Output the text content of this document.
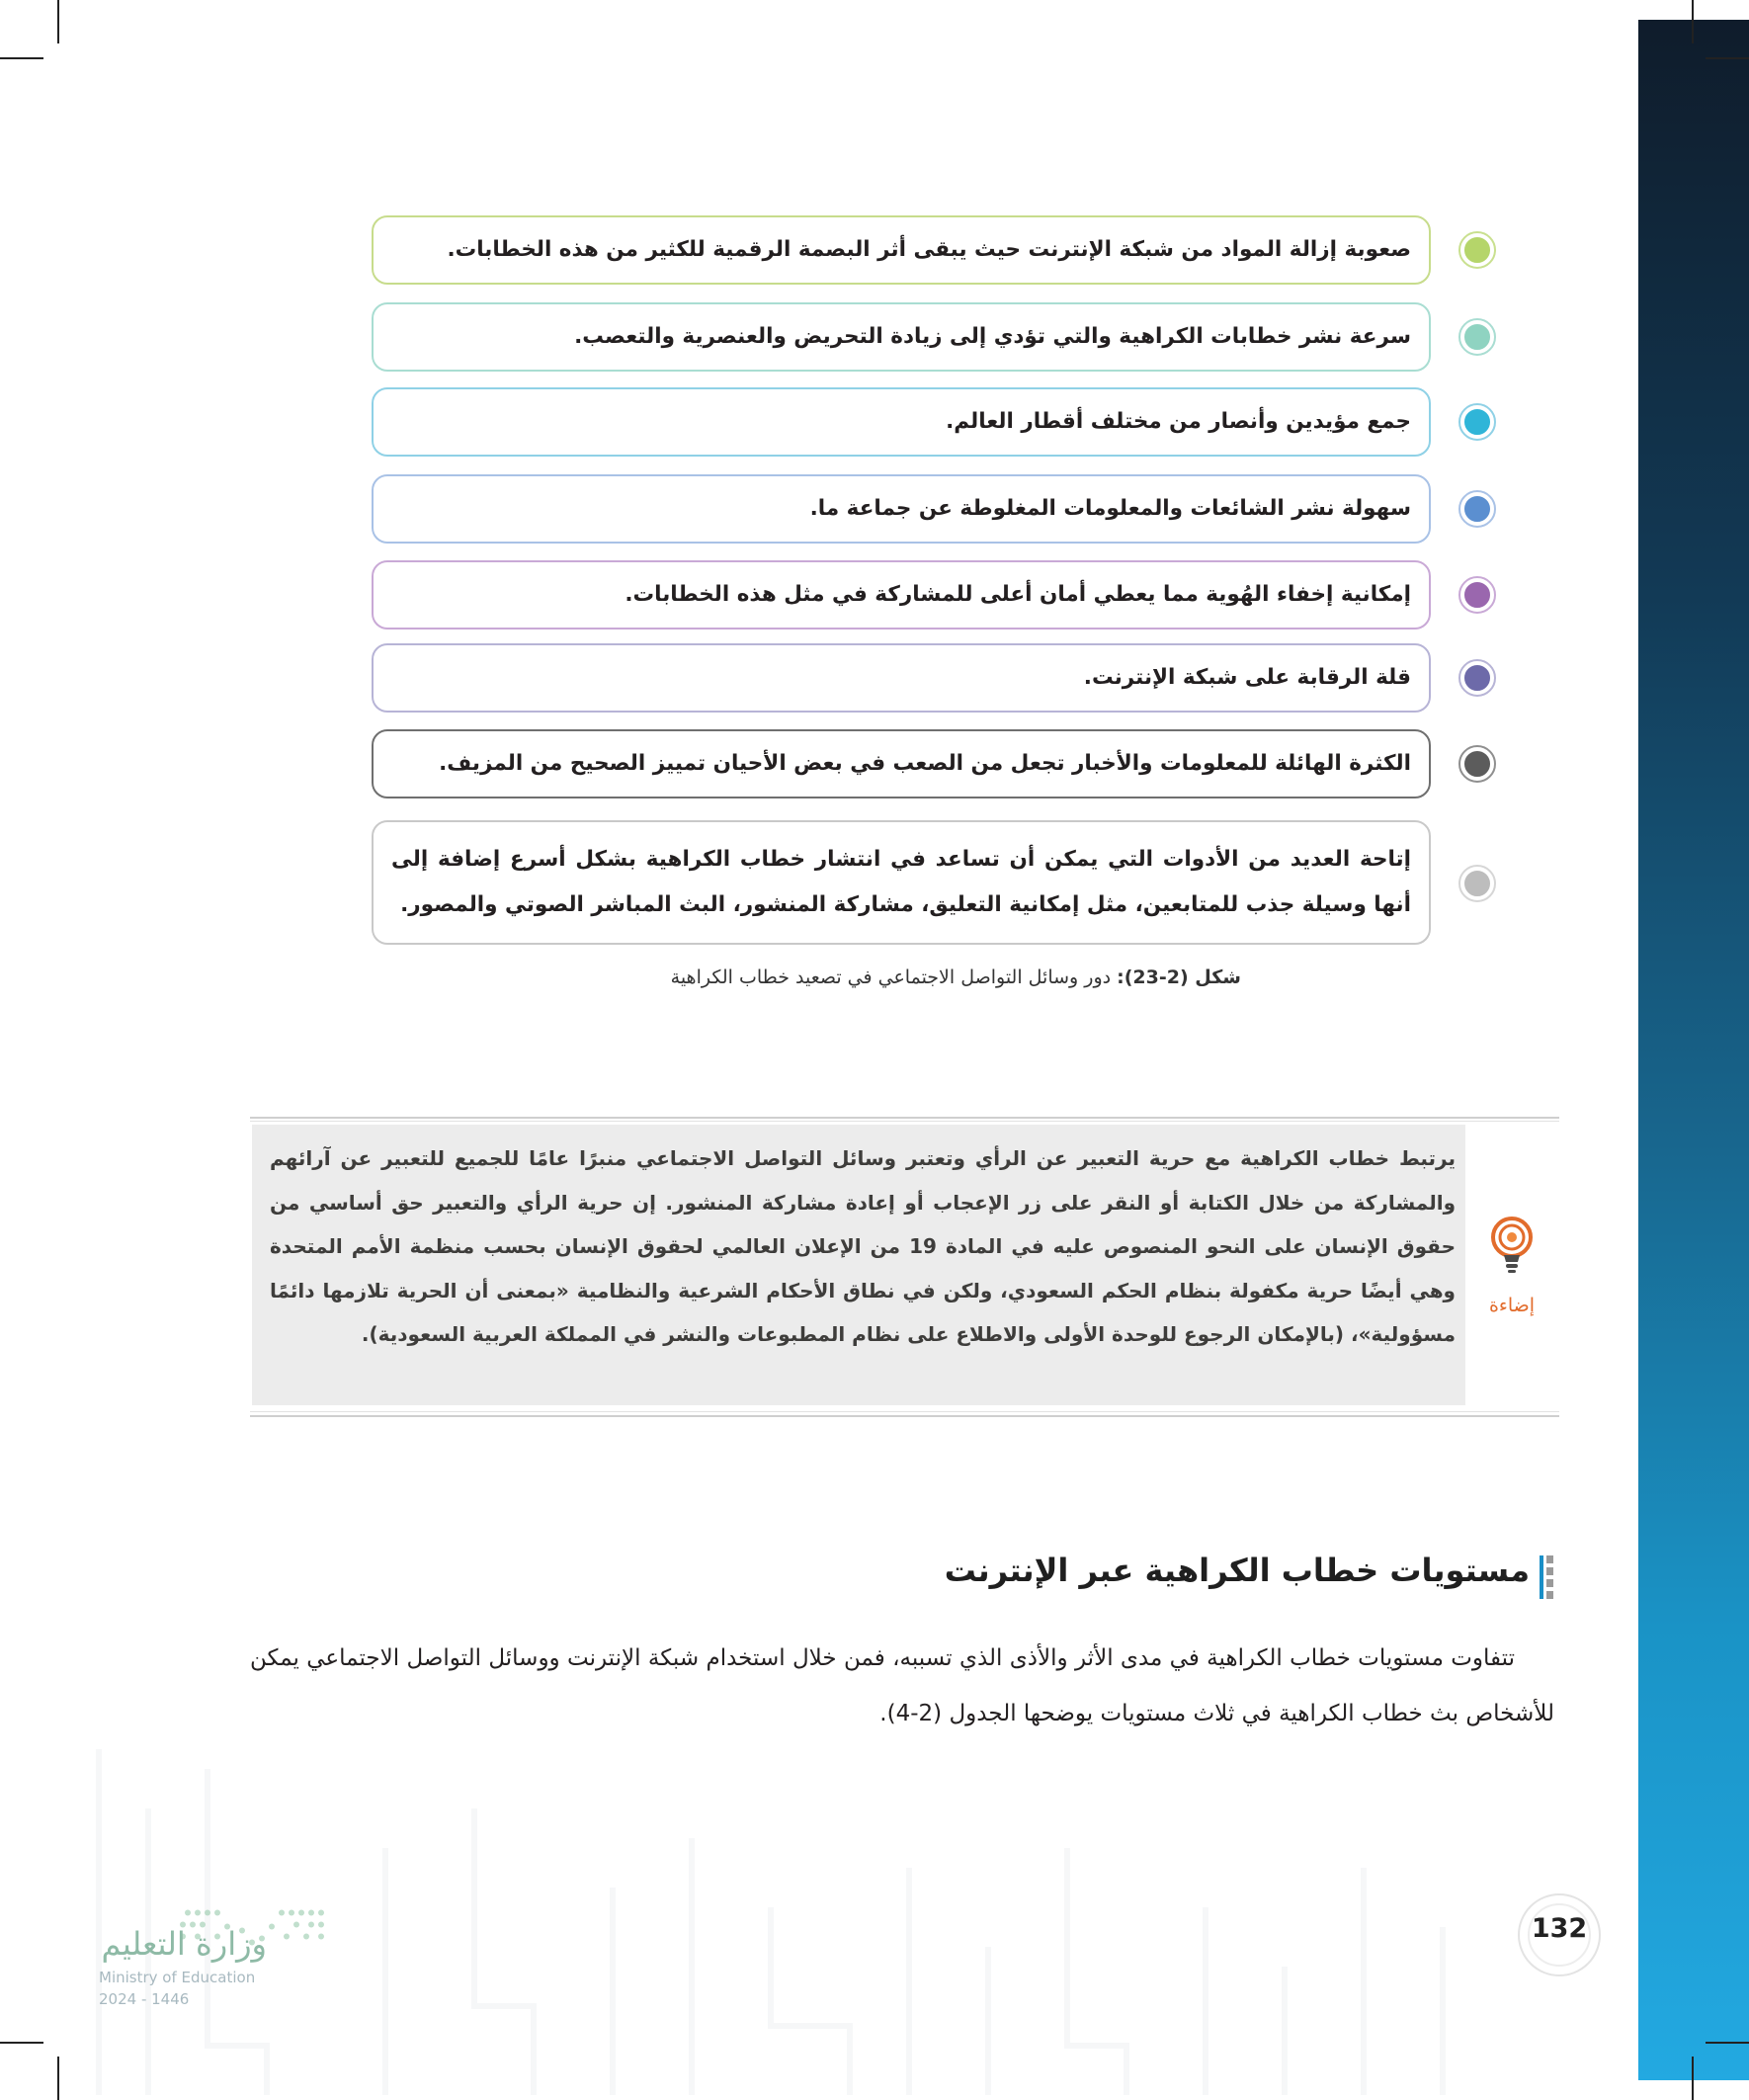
صعوبة إزالة المواد من شبكة الإنترنت حيث يبقى أثر البصمة الرقمية للكثير من هذه الخطابات.
سرعة نشر خطابات الكراهية والتي تؤدي إلى زيادة التحريض والعنصرية والتعصب.
جمع مؤيدين وأنصار من مختلف أقطار العالم.
سهولة نشر الشائعات والمعلومات المغلوطة عن جماعة ما.
إمكانية إخفاء الهُوية مما يعطي أمان أعلى للمشاركة في مثل هذه الخطابات.
قلة الرقابة على شبكة الإنترنت.
الكثرة الهائلة للمعلومات والأخبار تجعل من الصعب في بعض الأحيان تمييز الصحيح من المزيف.
إتاحة العديد من الأدوات التي يمكن أن تساعد في انتشار خطاب الكراهية بشكل أسرع إضافة إلى أنها وسيلة جذب للمتابعين، مثل إمكانية التعليق، مشاركة المنشور، البث المباشر الصوتي والمصور.
شكل (2-23): دور وسائل التواصل الاجتماعي في تصعيد خطاب الكراهية
يرتبط خطاب الكراهية مع حرية التعبير عن الرأي وتعتبر وسائل التواصل الاجتماعي منبرًا عامًا للجميع للتعبير عن آرائهم والمشاركة من خلال الكتابة أو النقر على زر الإعجاب أو إعادة مشاركة المنشور. إن حرية الرأي والتعبير حق أساسي من حقوق الإنسان على النحو المنصوص عليه في المادة 19 من الإعلان العالمي لحقوق الإنسان بحسب منظمة الأمم المتحدة وهي أيضًا حرية مكفولة بنظام الحكم السعودي، ولكن في نطاق الأحكام الشرعية والنظامية «بمعنى أن الحرية تلازمها دائمًا مسؤولية»، (بالإمكان الرجوع للوحدة الأولى والاطلاع على نظام المطبوعات والنشر في المملكة العربية السعودية).
إضاءة
مستويات خطاب الكراهية عبر الإنترنت
تتفاوت مستويات خطاب الكراهية في مدى الأثر والأذى الذي تسببه، فمن خلال استخدام شبكة الإنترنت ووسائل التواصل الاجتماعي يمكن للأشخاص بث خطاب الكراهية في ثلاث مستويات يوضحها الجدول (2-4).
وزارة التعليم
Ministry of Education
2024 - 1446
132
